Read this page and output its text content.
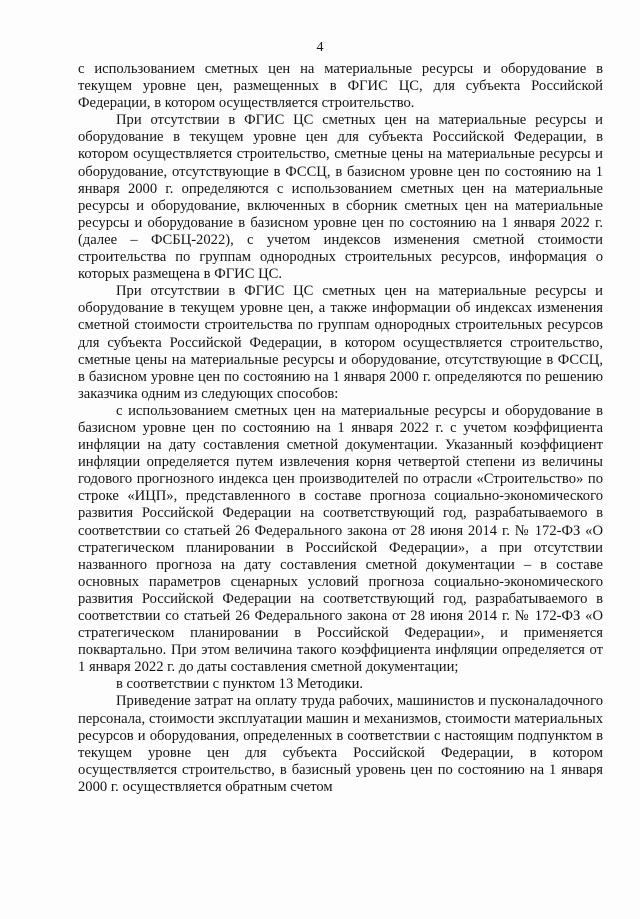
4

с использованием сметных цен на материальные ресурсы и оборудование в текущем уровне цен, размещенных в ФГИС ЦС, для субъекта Российской Федерации, в котором осуществляется строительство.

При отсутствии в ФГИС ЦС сметных цен на материальные ресурсы и оборудование в текущем уровне цен для субъекта Российской Федерации, в котором осуществляется строительство, сметные цены на материальные ресурсы и оборудование, отсутствующие в ФССЦ, в базисном уровне цен по состоянию на 1 января 2000 г. определяются с использованием сметных цен на материальные ресурсы и оборудование, включенных в сборник сметных цен на материальные ресурсы и оборудование в базисном уровне цен по состоянию на 1 января 2022 г. (далее – ФСБЦ-2022), с учетом индексов изменения сметной стоимости строительства по группам однородных строительных ресурсов, информация о которых размещена в ФГИС ЦС.

При отсутствии в ФГИС ЦС сметных цен на материальные ресурсы и оборудование в текущем уровне цен, а также информации об индексах изменения сметной стоимости строительства по группам однородных строительных ресурсов для субъекта Российской Федерации, в котором осуществляется строительство, сметные цены на материальные ресурсы и оборудование, отсутствующие в ФССЦ, в базисном уровне цен по состоянию на 1 января 2000 г. определяются по решению заказчика одним из следующих способов:

с использованием сметных цен на материальные ресурсы и оборудование в базисном уровне цен по состоянию на 1 января 2022 г. с учетом коэффициента инфляции на дату составления сметной документации. Указанный коэффициент инфляции определяется путем извлечения корня четвертой степени из величины годового прогнозного индекса цен производителей по отрасли «Строительство» по строке «ИЦП», представленного в составе прогноза социально-экономического развития Российской Федерации на соответствующий год, разрабатываемого в соответствии со статьей 26 Федерального закона от 28 июня 2014 г. № 172-ФЗ «О стратегическом планировании в Российской Федерации», а при отсутствии названного прогноза на дату составления сметной документации – в составе основных параметров сценарных условий прогноза социально-экономического развития Российской Федерации на соответствующий год, разрабатываемого в соответствии со статьей 26 Федерального закона от 28 июня 2014 г. № 172-ФЗ «О стратегическом планировании в Российской Федерации», и применяется поквартально. При этом величина такого коэффициента инфляции определяется от 1 января 2022 г. до даты составления сметной документации;

в соответствии с пунктом 13 Методики.

Приведение затрат на оплату труда рабочих, машинистов и пусконаладочного персонала, стоимости эксплуатации машин и механизмов, стоимости материальных ресурсов и оборудования, определенных в соответствии с настоящим подпунктом в текущем уровне цен для субъекта Российской Федерации, в котором осуществляется строительство, в базисный уровень цен по состоянию на 1 января 2000 г. осуществляется обратным счетом
